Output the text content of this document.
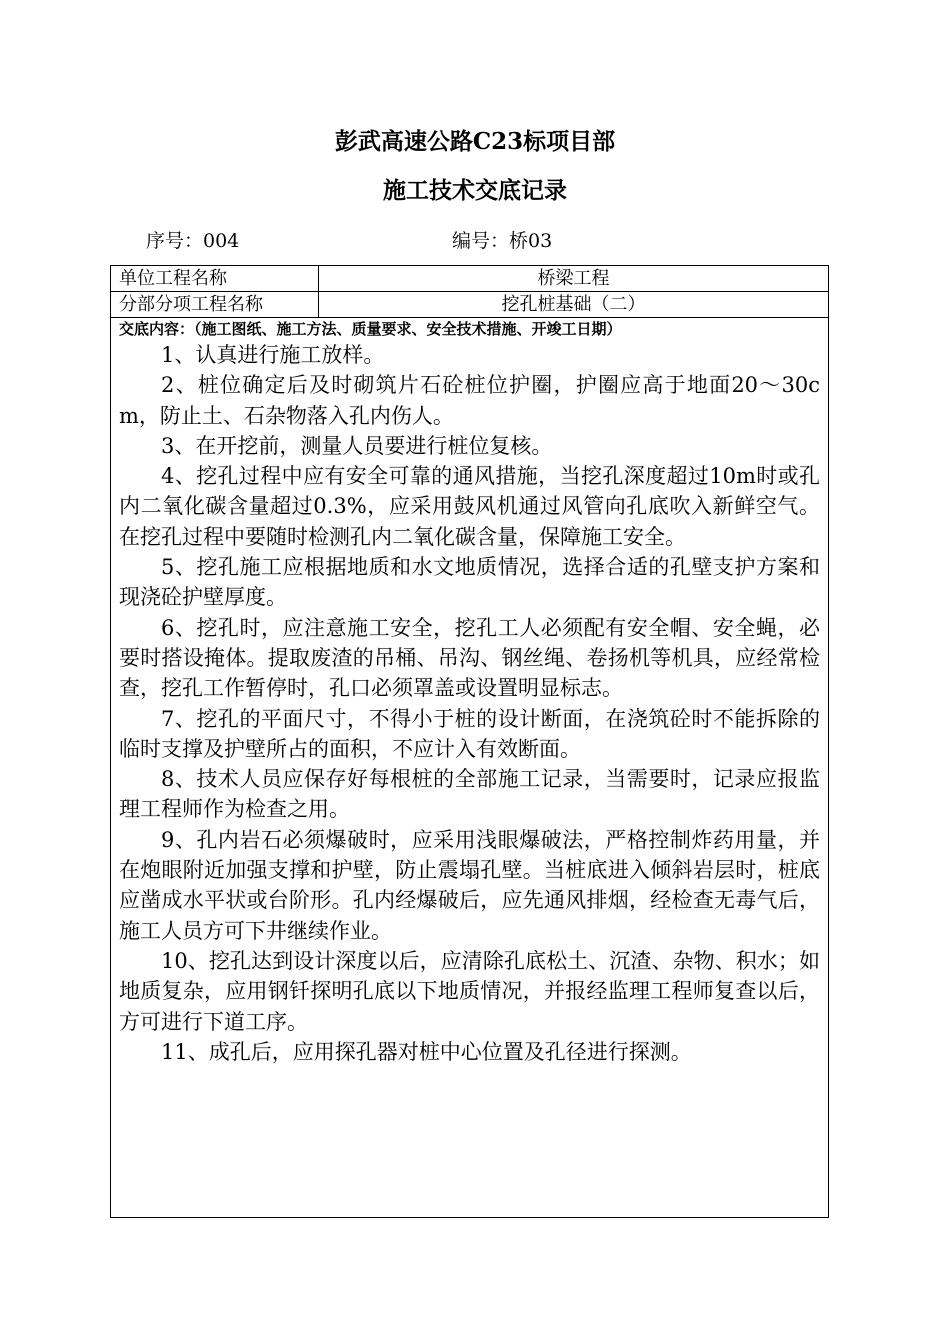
彭武高速公路C23标项目部
施工技术交底记录
序号：004	编号：桥03
单位工程名称	桥梁工程
分部分项工程名称	挖孔桩基础（二）
交底内容：（施工图纸、施工方法、质量要求、安全技术措施、开竣工日期）

1、认真进行施工放样。

2、桩位确定后及时砌筑片石砼桩位护圈，护圈应高于地面20～30cm，防止土、石杂物落入孔内伤人。

3、在开挖前，测量人员要进行桩位复核。

4、挖孔过程中应有安全可靠的通风措施，当挖孔深度超过10m时或孔内二氧化碳含量超过0.3%，应采用鼓风机通过风管向孔底吹入新鲜空气。在挖孔过程中要随时检测孔内二氧化碳含量，保障施工安全。

5、挖孔施工应根据地质和水文地质情况，选择合适的孔壁支护方案和现浇砼护壁厚度。

6、挖孔时，应注意施工安全，挖孔工人必须配有安全帽、安全蝇，必要时搭设掩体。提取废渣的吊桶、吊沟、钢丝绳、卷扬机等机具，应经常检查，挖孔工作暂停时，孔口必须罩盖或设置明显标志。

7、挖孔的平面尺寸，不得小于桩的设计断面，在浇筑砼时不能拆除的临时支撑及护壁所占的面积，不应计入有效断面。

8、技术人员应保存好每根桩的全部施工记录，当需要时，记录应报监理工程师作为检查之用。

9、孔内岩石必须爆破时，应采用浅眼爆破法，严格控制炸药用量，并在炮眼附近加强支撑和护壁，防止震塌孔壁。当桩底进入倾斜岩层时，桩底应凿成水平状或台阶形。孔内经爆破后，应先通风排烟，经检查无毒气后，施工人员方可下井继续作业。

10、挖孔达到设计深度以后，应清除孔底松土、沉渣、杂物、积水；如地质复杂，应用钢钎探明孔底以下地质情况，并报经监理工程师复查以后，方可进行下道工序。

11、成孔后，应用探孔器对桩中心位置及孔径进行探测。
